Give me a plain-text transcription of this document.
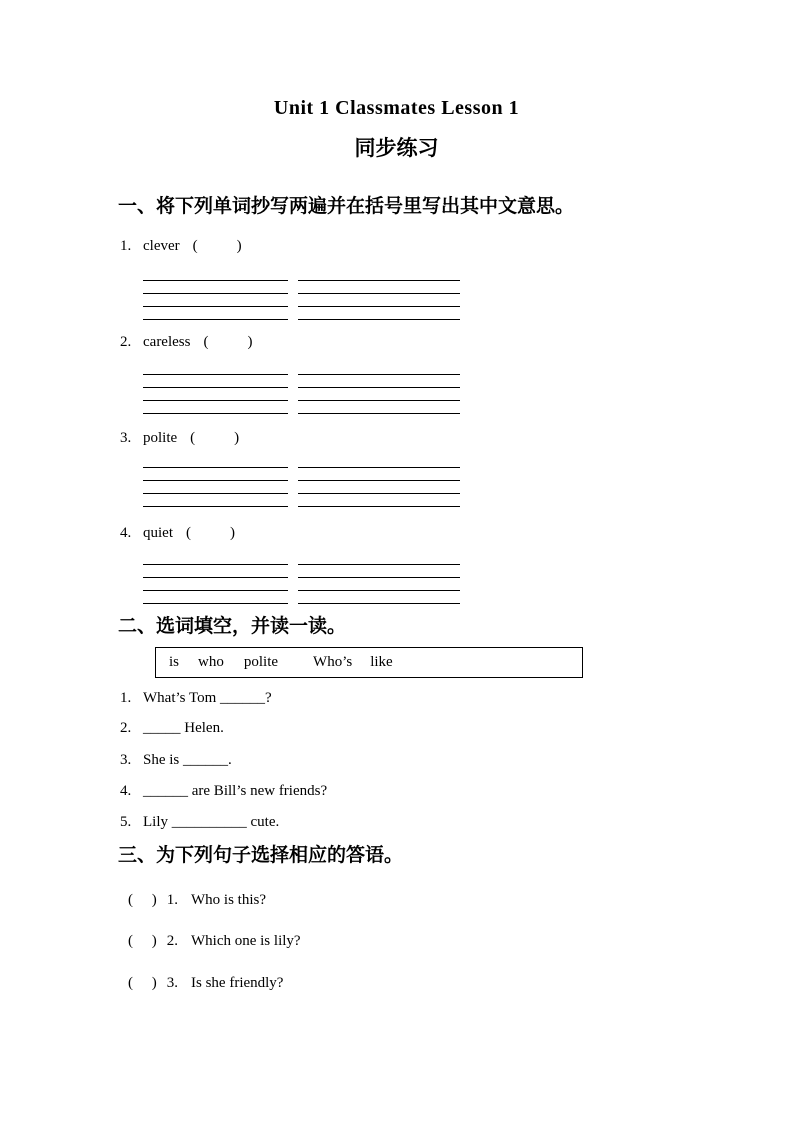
Unit 1 Classmates Lesson 1
同步练习
一、将下列单词抄写两遍并在括号里写出其中文意思。
1. clever (        )
2. careless (        )
3. polite (        )
4. quiet (        )
二、选词填空，并读一读。
is who polite Who’s like
1. What’s Tom ______?
2. _____ Helen.
3. She is ______.
4. ______ are Bill’s new friends?
5. Lily __________ cute.
三、为下列句子选择相应的答语。
(     ) 1. Who is this?
(     ) 2. Which one is lily?
(     ) 3. Is she friendly?
